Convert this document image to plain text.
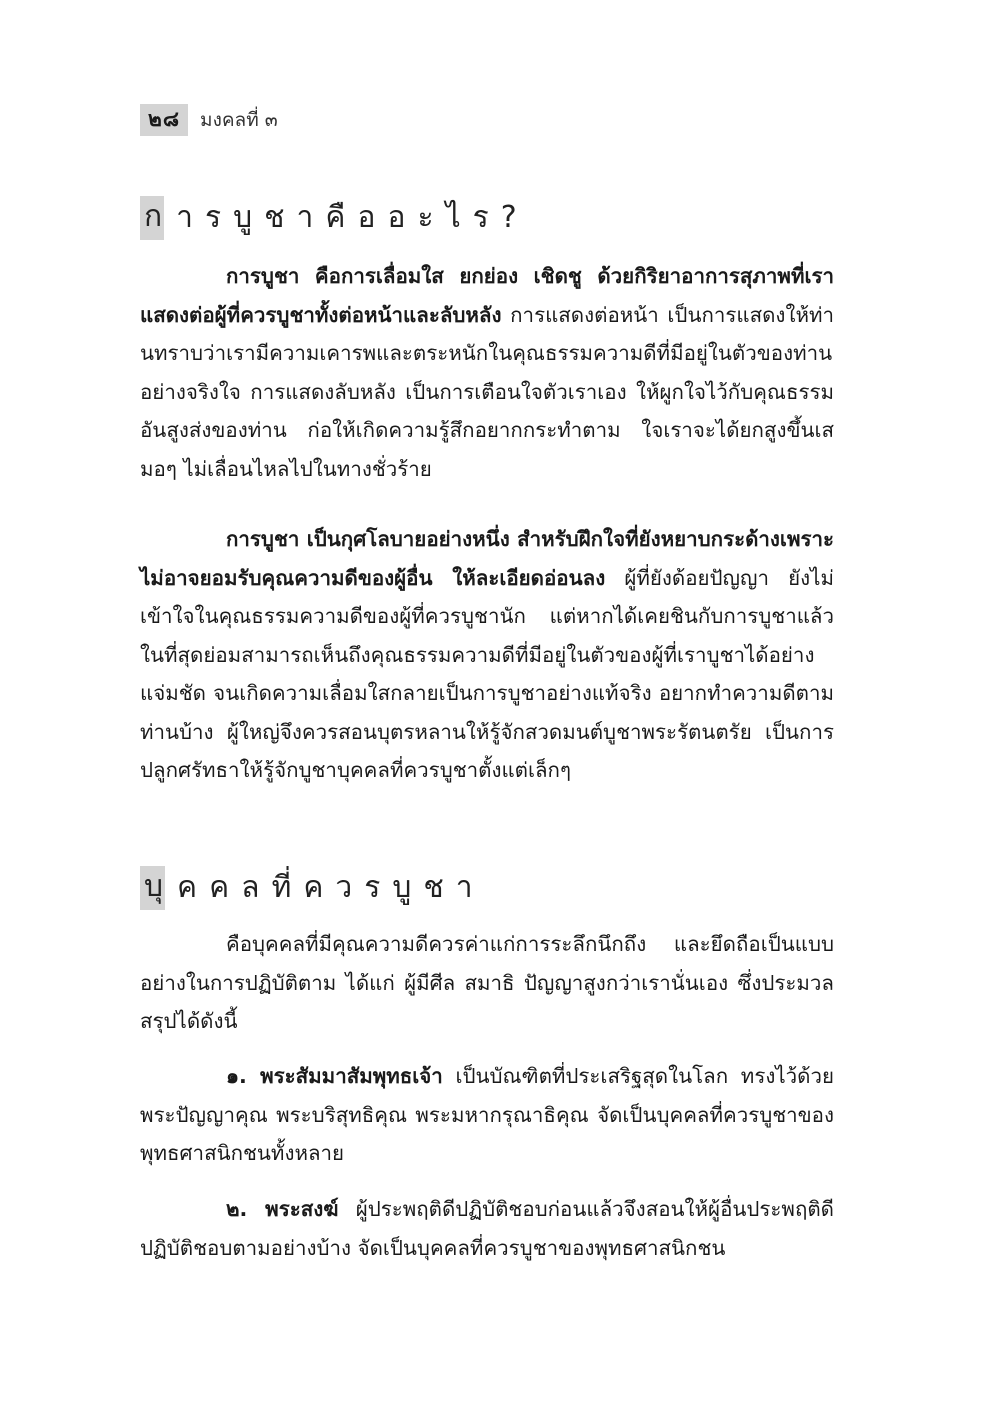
๒๘	มงคลที่ ๓
ก ารบูชาคืออะไร?

การบูชา คือการเลื่อมใส ยกย่อง เชิดชู ด้วยกิริยาอาการสุภาพที่เราแสดงต่อผู้ที่ควรบูชาทั้งต่อหน้าและลับหลัง การแสดงต่อหน้า เป็นการแสดงให้ท่านทราบว่าเรามีความเคารพและตระหนักในคุณธรรมความดีที่มีอยู่ในตัวของท่านอย่างจริงใจ การแสดงลับหลัง เป็นการเตือนใจตัวเราเอง ให้ผูกใจไว้กับคุณธรรมอันสูงส่งของท่าน ก่อให้เกิดความรู้สึกอยากกระทำตาม ใจเราจะได้ยกสูงขึ้นเสมอๆ ไม่เลื่อนไหลไปในทางชั่วร้าย

การบูชา เป็นกุศโลบายอย่างหนึ่ง สำหรับฝึกใจที่ยังหยาบกระด้างเพราะไม่อาจยอมรับคุณความดีของผู้อื่น ให้ละเอียดอ่อนลง ผู้ที่ยังด้อยปัญญา ยังไม่เข้าใจในคุณธรรมความดีของผู้ที่ควรบูชานัก แต่หากได้เคยชินกับการบูชาแล้ว ในที่สุดย่อมสามารถเห็นถึงคุณธรรมความดีที่มีอยู่ในตัวของผู้ที่เราบูชาได้อย่างแจ่มชัด จนเกิดความเลื่อมใสกลายเป็นการบูชาอย่างแท้จริง อยากทำความดีตามท่านบ้าง ผู้ใหญ่จึงควรสอนบุตรหลานให้รู้จักสวดมนต์บูชาพระรัตนตรัย เป็นการปลูกศรัทธาให้รู้จักบูชาบุคคลที่ควรบูชาตั้งแต่เล็กๆ

บุ คคลที่ควรบูชา

คือบุคคลที่มีคุณความดีควรค่าแก่การระลึกนึกถึง และยึดถือเป็นแบบอย่างในการปฏิบัติตาม ได้แก่ ผู้มีศีล สมาธิ ปัญญาสูงกว่าเรานั่นเอง ซึ่งประมวลสรุปได้ดังนี้

๑. พระสัมมาสัมพุทธเจ้า เป็นบัณฑิตที่ประเสริฐสุดในโลก ทรงไว้ด้วยพระปัญญาคุณ พระบริสุทธิคุณ พระมหากรุณาธิคุณ จัดเป็นบุคคลที่ควรบูชาของพุทธศาสนิกชนทั้งหลาย

๒. พระสงฆ์ ผู้ประพฤติดีปฏิบัติชอบก่อนแล้วจึงสอนให้ผู้อื่นประพฤติดีปฏิบัติชอบตามอย่างบ้าง จัดเป็นบุคคลที่ควรบูชาของพุทธศาสนิกชน
